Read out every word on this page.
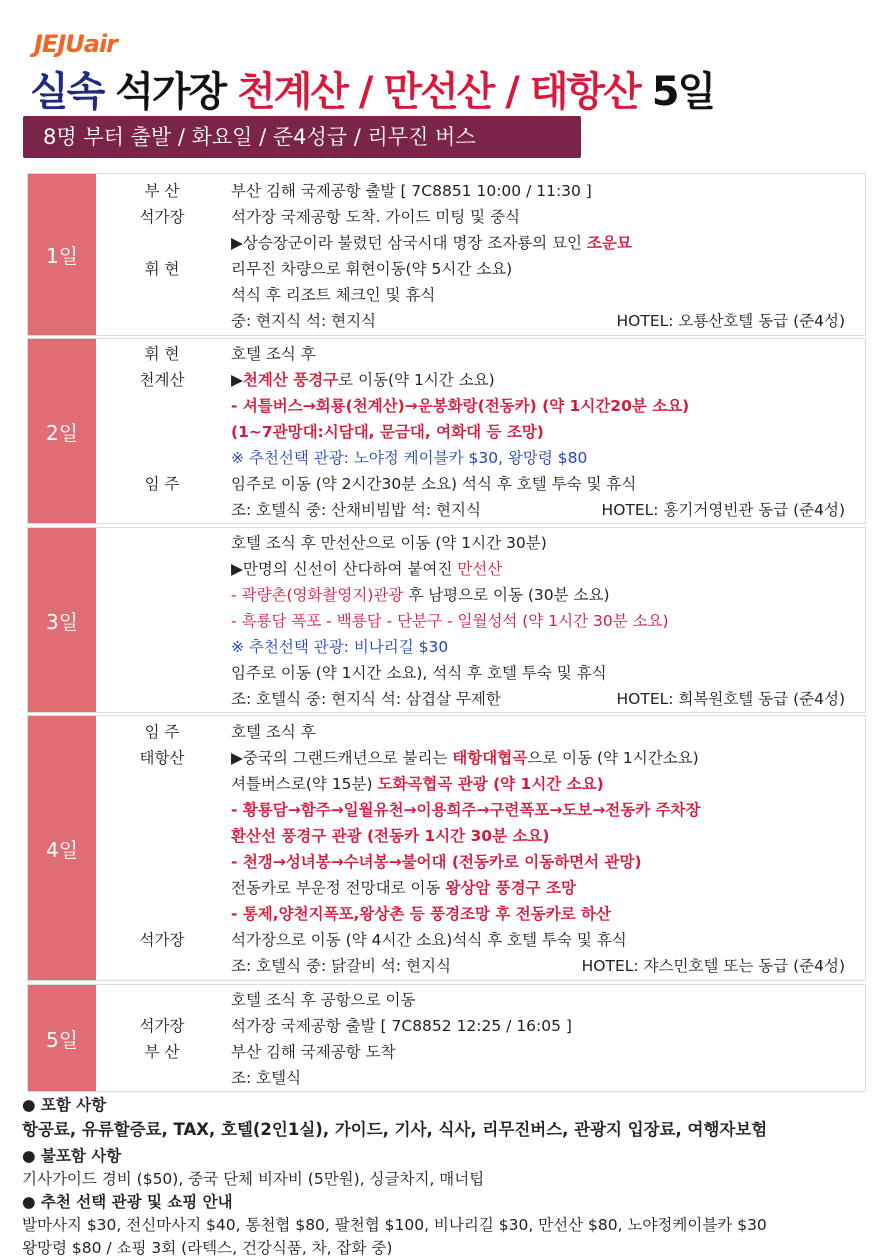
JEJUair
실속 석가장 천계산 / 만선산 / 태항산 5일
8명 부터 출발 / 화요일 / 준4성급 / 리무진 버스
1일
부 산	부산 김해 국제공항 출발 [ 7C8851 10:00 / 11:30 ]
석가장	석가장 국제공항 도착. 가이드 미팅 및 중식
▶상승장군이라 불렸던 삼국시대 명장 조자룡의 묘인 조운묘
휘 현	리무진 차량으로 휘현이동(약 5시간 소요)
석식 후 리조트 체크인 및 휴식
중: 현지식 석: 현지식	HOTEL: 오룡산호텔 동급 (준4성)
2일
휘 현	호텔 조식 후
천계산	▶천계산 풍경구로 이동(약 1시간 소요)
- 셔틀버스→회룡(천계산)→운봉화랑(전동카) (약 1시간20분 소요)
(1~7관망대:시담대, 문금대, 여화대 등 조망)
※ 추천선택 관광: 노야정 케이블카 $30, 왕망령 $80
임 주	임주로 이동 (약 2시간30분 소요) 석식 후 호텔 투숙 및 휴식
조: 호텔식 중: 산채비빔밥 석: 현지식	HOTEL: 홍기거영빈관 동급 (준4성)
3일
호텔 조식 후 만선산으로 이동 (약 1시간 30분)
▶만명의 신선이 산다하여 붙여진 만선산
- 곽량촌(영화촬영지)관광 후 남평으로 이동 (30분 소요)
- 흑룡담 폭포 - 백룡담 - 단분구 - 일월성석 (약 1시간 30분 소요)
※ 추천선택 관광: 비나리길 $30
임주로 이동 (약 1시간 소요), 석식 후 호텔 투숙 및 휴식
조: 호텔식 중: 현지식 석: 삼겹살 무제한	HOTEL: 희복원호텔 동급 (준4성)
4일
임 주	호텔 조식 후
태항산	▶중국의 그랜드캐년으로 불리는 태항대협곡으로 이동 (약 1시간소요)
셔틀버스로(약 15분) 도화곡협곡 관광 (약 1시간 소요)
- 황룡담→함주→일월유천→이용희주→구련폭포→도보→전동카 주차장
환산선 풍경구 관광 (전동카 1시간 30분 소요)
- 천갱→성녀봉→수녀봉→불어대 (전동카로 이동하면서 관망)
전동카로 부운정 전망대로 이동 왕상암 풍경구 조망
- 통제,양천지폭포,왕상촌 등 풍경조망 후 전동카로 하산
석가장	석가장으로 이동 (약 4시간 소요)석식 후 호텔 투숙 및 휴식
조: 호텔식 중: 닭갈비 석: 현지식	HOTEL: 쟈스민호텔 또는 동급 (준4성)
5일
호텔 조식 후 공항으로 이동
석가장	석가장 국제공항 출발 [ 7C8852 12:25 / 16:05 ]
부 산	부산 김해 국제공항 도착
조: 호텔식
● 포함 사항
항공료, 유류할증료, TAX, 호텔(2인1실), 가이드, 기사, 식사, 리무진버스, 관광지 입장료, 여행자보험
● 불포함 사항
기사가이드 경비 ($50), 중국 단체 비자비 (5만원), 싱글차지, 매너팁
● 추천 선택 관광 및 쇼핑 안내
발마사지 $30, 전신마사지 $40, 통천협 $80, 팔천협 $100, 비나리길 $30, 만선산 $80, 노야정케이블카 $30
왕망령 $80 / 쇼핑 3회 (라텍스, 건강식품, 차, 잡화 중)
